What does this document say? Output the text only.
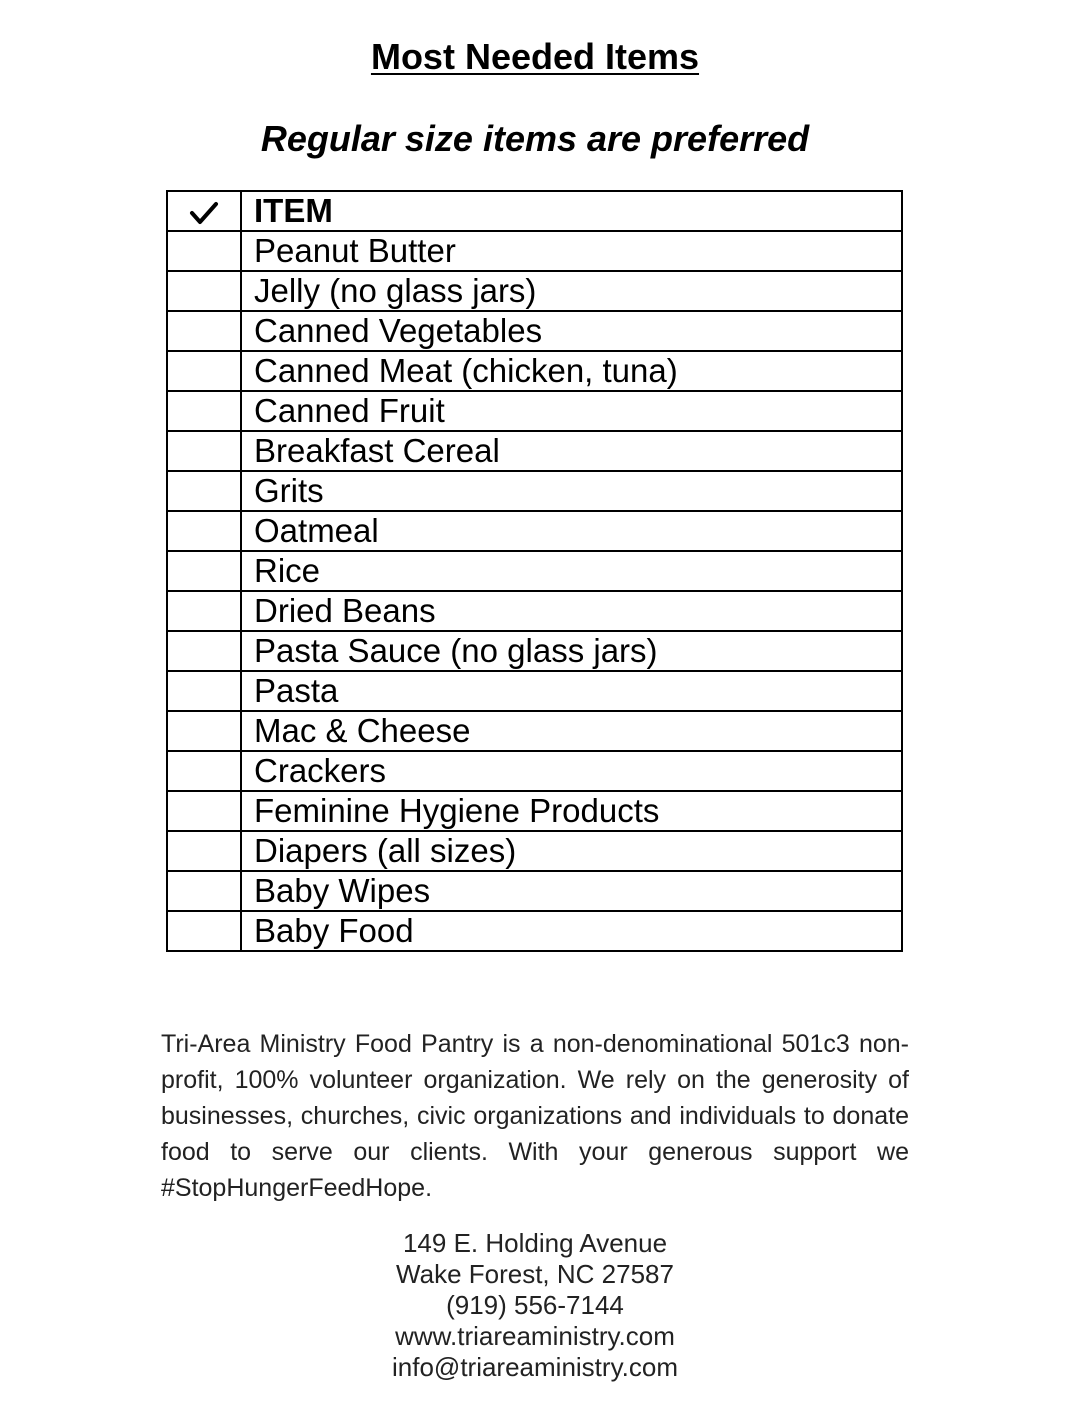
Most Needed Items
Regular size items are preferred
	ITEM
	Peanut Butter
	Jelly (no glass jars)
	Canned Vegetables
	Canned Meat (chicken, tuna)
	Canned Fruit
	Breakfast Cereal
	Grits
	Oatmeal
	Rice
	Dried Beans
	Pasta Sauce (no glass jars)
	Pasta
	Mac & Cheese
	Crackers
	Feminine Hygiene Products
	Diapers (all sizes)
	Baby Wipes
	Baby Food
Tri-Area Ministry Food Pantry is a non-denominational 501c3 non-profit, 100% volunteer organization. We rely on the generosity of businesses, churches, civic organizations and individuals to donate food to serve our clients. With your generous support we #StopHungerFeedHope.
149 E. Holding Avenue
Wake Forest, NC 27587
(919) 556-7144
www.triareaministry.com
info@triareaministry.com
